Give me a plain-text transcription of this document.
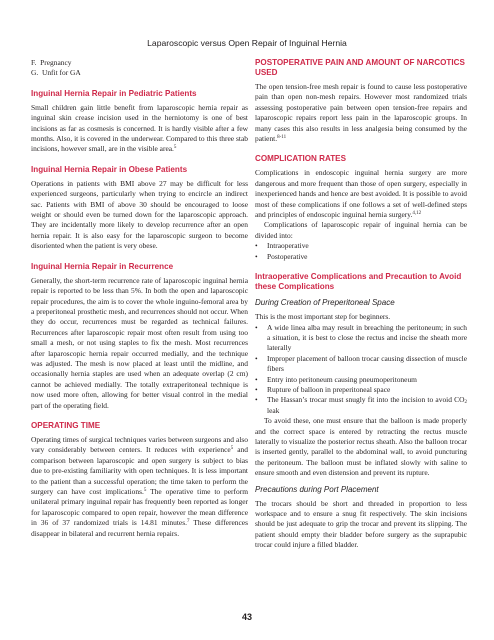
Laparoscopic versus Open Repair of Inguinal Hernia
F. Pregnancy
G. Unfit for GA
Inguinal Hernia Repair in Pediatric Patients

Small children gain little benefit from laparoscopic hernia repair as inguinal skin crease incision used in the herniotomy is one of best incisions as far as cosmesis is concerned. It is hardly visible after a few months. Also, it is covered in the underwear. Compared to this three stab incisions, however small, are in the visible area.$^5$

Inguinal Hernia Repair in Obese Patients

Operations in patients with BMI above 27 may be difficult for less experienced surgeons, particularly when trying to encircle an indirect sac. Patients with BMI of above 30 should be encouraged to loose weight or should even be turned down for the laparoscopic approach. They are incidentally more likely to develop recurrence after an open hernia repair. It is also easy for the laparoscopic surgeon to become disoriented when the patient is very obese.

Inguinal Hernia Repair in Recurrence

Generally, the short-term recurrence rate of laparoscopic inguinal hernia repair is reported to be less than 5%. In both the open and laparoscopic repair procedures, the aim is to cover the whole inguino-femoral area by a preperitoneal prosthetic mesh, and recurrences should not occur. When they do occur, recurrences must be regarded as technical failures. Recurrences after laparoscopic repair most often result from using too small a mesh, or not using staples to fix the mesh. Most recurrences after laparoscopic hernia repair occurred medially, and the technique was adjusted. The mesh is now placed at least until the midline, and occasionally hernia staples are used when an adequate overlap (2 cm) cannot be achieved medially. The totally extraperitoneal technique is now used more often, allowing for better visual control in the medial part of the operating field.

OPERATING TIME

Operating times of surgical techniques varies between surgeons and also vary considerably between centers. It reduces with experience$^5$ and comparison between laparoscopic and open surgery is subject to bias due to pre-existing familiarity with open techniques. It is less important to the patient than a successful operation; the time taken to perform the surgery can have cost implications.$^5$ The operative time to perform unilateral primary inguinal repair has frequently been reported as longer for laparoscopic compared to open repair, however the mean difference in 36 of 37 randomized trials is 14.81 minutes.$^7$ These differences disappear in bilateral and recurrent hernia repairs.

POSTOPERATIVE PAIN AND AMOUNT OF NARCOTICS USED

The open tension-free mesh repair is found to cause less postoperative pain than open non-mesh repairs. However most randomized trials assessing postoperative pain between open tension-free repairs and laparoscopic repairs report less pain in the laparoscopic groups. In many cases this also results in less analgesia being consumed by the patient.$^{8-11}$

COMPLICATION RATES

Complications in endoscopic inguinal hernia surgery are more dangerous and more frequent than those of open surgery, especially in inexperienced hands and hence are best avoided. It is possible to avoid most of these complications if one follows a set of well-defined steps and principles of endoscopic inguinal hernia surgery.$^{4,12}$

Complications of laparoscopic repair of inguinal hernia can be divided into:

• Intraoperative
• Postoperative
Intraoperative Complications and Precaution to Avoid these Complications
During Creation of Preperitoneal Space

This is the most important step for beginners.

• A wide linea alba may result in breaching the peritoneum; in such a situation, it is best to close the rectus and incise the sheath more laterally
• Improper placement of balloon trocar causing dissection of muscle fibers
• Entry into peritoneum causing pneumoperitoneum
• Rupture of balloon in preperitoneal space
• The Hassan’s trocar must snugly fit into the incision to avoid $CO_2$ leak

To avoid these, one must ensure that the balloon is made properly and the correct space is entered by retracting the rectus muscle laterally to visualize the posterior rectus sheath. Also the balloon trocar is inserted gently, parallel to the abdominal wall, to avoid puncturing the peritoneum. The balloon must be inflated slowly with saline to ensure smooth and even distension and prevent its rupture.

Precautions during Port Placement

The trocars should be short and threaded in proportion to less workspace and to ensure a snug fit respectively. The skin incisions should be just adequate to grip the trocar and prevent its slipping. The patient should empty their bladder before surgery as the suprapubic trocar could injure a filled bladder.

43
